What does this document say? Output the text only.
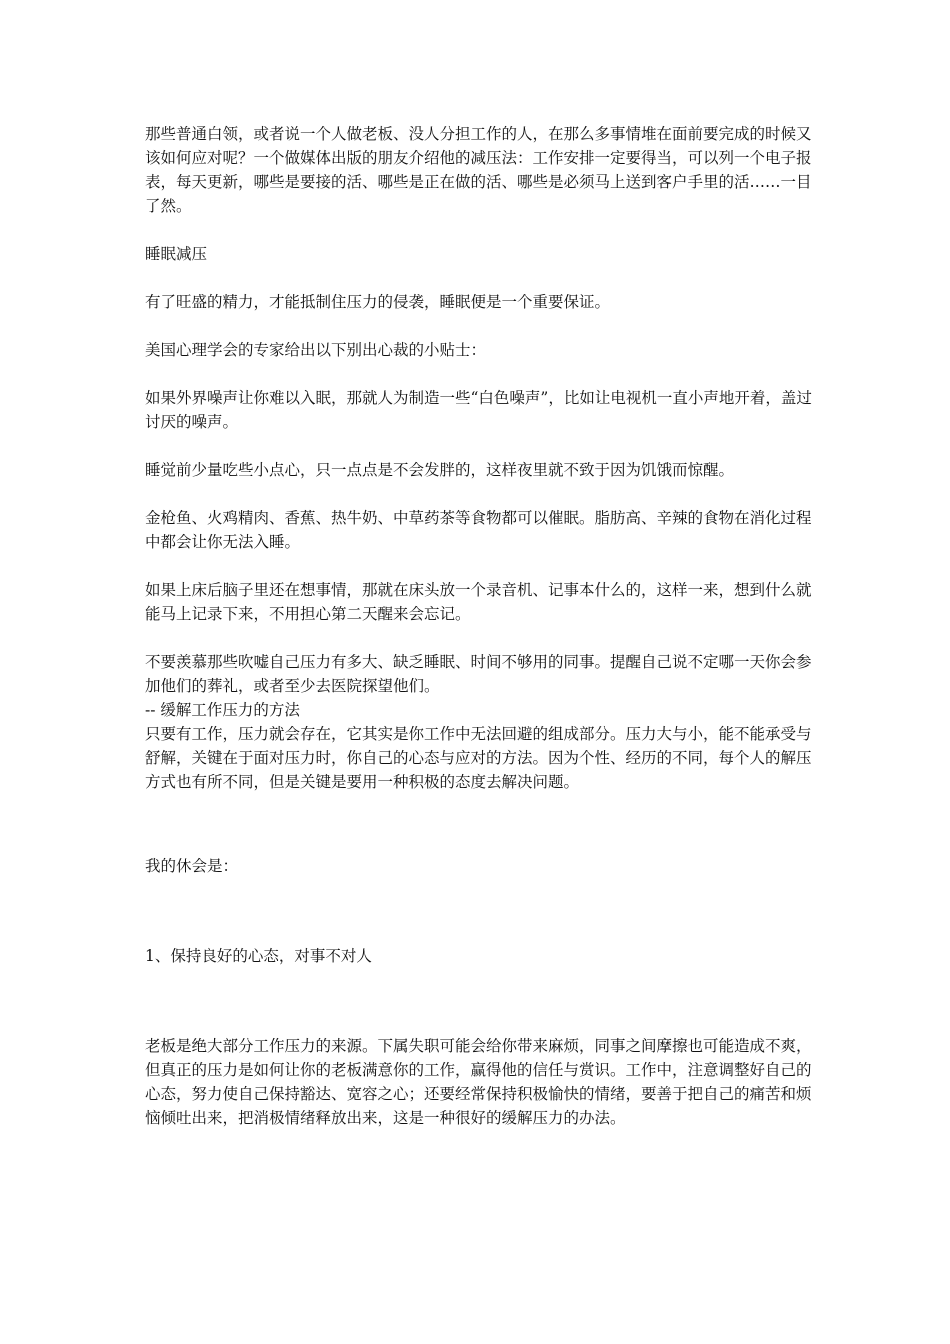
那些普通白领，或者说一个人做老板、没人分担工作的人，在那么多事情堆在面前要完成的时候又该如何应对呢？一个做媒体出版的朋友介绍他的减压法：工作安排一定要得当，可以列一个电子报表，每天更新，哪些是要接的活、哪些是正在做的活、哪些是必须马上送到客户手里的活……一目了然。

睡眠减压

有了旺盛的精力，才能抵制住压力的侵袭，睡眠便是一个重要保证。

美国心理学会的专家给出以下别出心裁的小贴士：

如果外界噪声让你难以入眠，那就人为制造一些“白色噪声”，比如让电视机一直小声地开着，盖过讨厌的噪声。

睡觉前少量吃些小点心，只一点点是不会发胖的，这样夜里就不致于因为饥饿而惊醒。

金枪鱼、火鸡精肉、香蕉、热牛奶、中草药茶等食物都可以催眠。脂肪高、辛辣的食物在消化过程中都会让你无法入睡。

如果上床后脑子里还在想事情，那就在床头放一个录音机、记事本什么的，这样一来，想到什么就能马上记录下来，不用担心第二天醒来会忘记。

不要羡慕那些吹嘘自己压力有多大、缺乏睡眠、时间不够用的同事。提醒自己说不定哪一天你会参加他们的葬礼，或者至少去医院探望他们。

-- 缓解工作压力的方法

只要有工作，压力就会存在，它其实是你工作中无法回避的组成部分。压力大与小，能不能承受与舒解，关键在于面对压力时，你自己的心态与应对的方法。因为个性、经历的不同，每个人的解压方式也有所不同，但是关键是要用一种积极的态度去解决问题。

我的休会是：

1、保持良好的心态，对事不对人

老板是绝大部分工作压力的来源。下属失职可能会给你带来麻烦，同事之间摩擦也可能造成不爽，但真正的压力是如何让你的老板满意你的工作，赢得他的信任与赏识。工作中，注意调整好自己的心态，努力使自己保持豁达、宽容之心；还要经常保持积极愉快的情绪，要善于把自己的痛苦和烦恼倾吐出来，把消极情绪释放出来，这是一种很好的缓解压力的办法。
